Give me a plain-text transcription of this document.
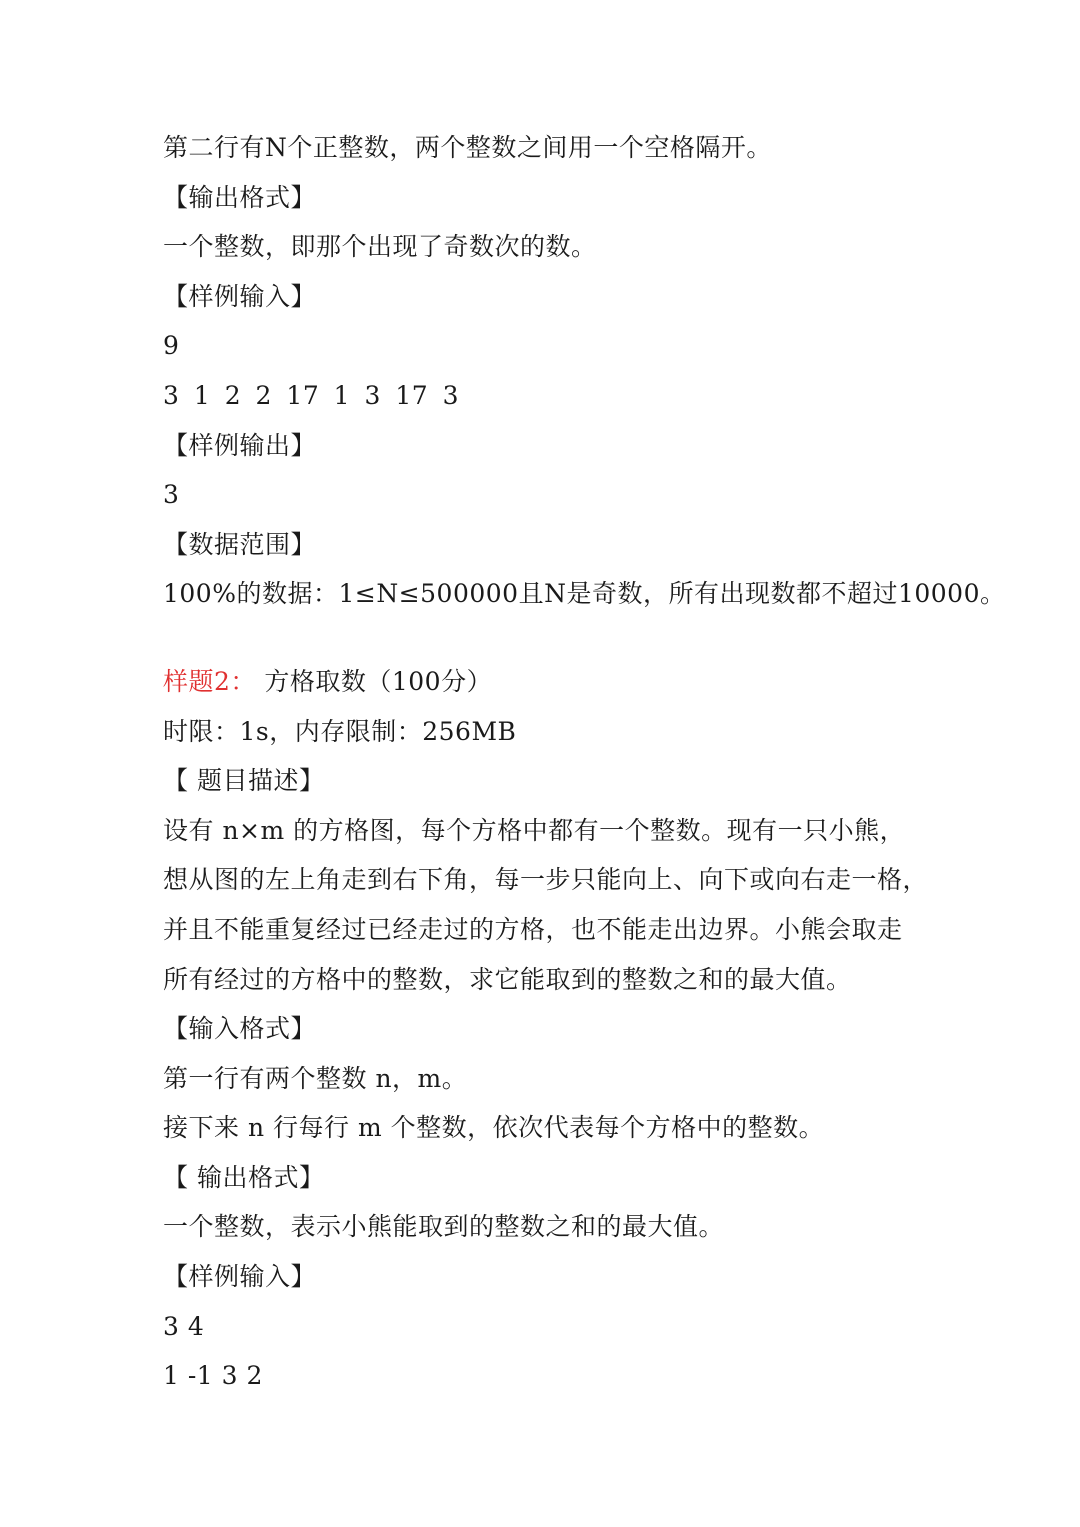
第二行有N个正整数，两个整数之间用一个空格隔开。
【输出格式】
一个整数，即那个出现了奇数次的数。
【样例输入】
9
3 1 2 2 17 1 3 17 3
【样例输出】
3
【数据范围】
100%的数据：1≤N≤500000且N是奇数，所有出现数都不超过10000。
样题2： 方格取数（100分）
时限：1s，内存限制：256MB
【 题目描述】
设有 n×m 的方格图，每个方格中都有一个整数。现有一只小熊，
想从图的左上角走到右下角，每一步只能向上、向下或向右走一格，
并且不能重复经过已经走过的方格，也不能走出边界。小熊会取走
所有经过的方格中的整数，求它能取到的整数之和的最大值。
【输入格式】
第一行有两个整数 n，m。
接下来 n 行每行 m 个整数，依次代表每个方格中的整数。
【 输出格式】
一个整数，表示小熊能取到的整数之和的最大值。
【样例输入】
3 4
1 -1 3 2
